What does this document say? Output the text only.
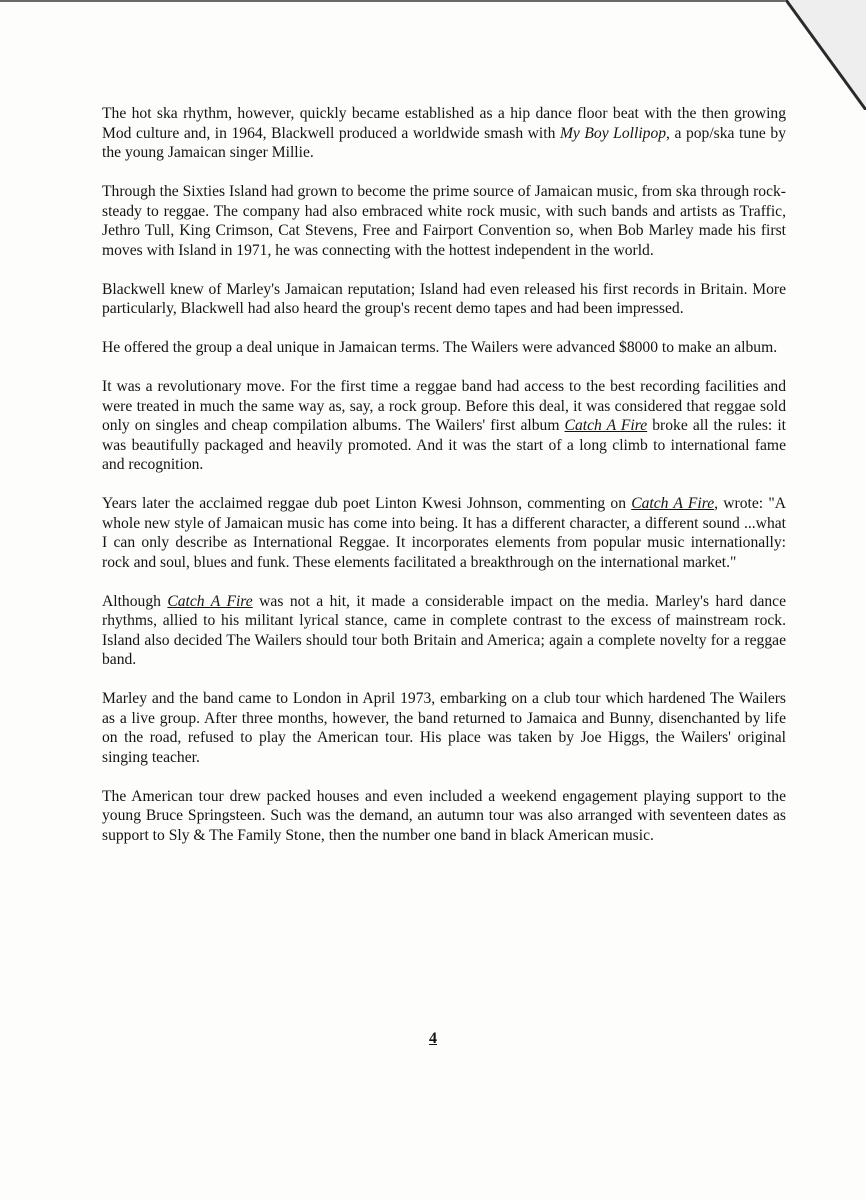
The hot ska rhythm, however, quickly became established as a hip dance floor beat with the then growing Mod culture and, in 1964, Blackwell produced a worldwide smash with My Boy Lollipop, a pop/ska tune by the young Jamaican singer Millie.

Through the Sixties Island had grown to become the prime source of Jamaican music, from ska through rock-steady to reggae. The company had also embraced white rock music, with such bands and artists as Traffic, Jethro Tull, King Crimson, Cat Stevens, Free and Fairport Convention so, when Bob Marley made his first moves with Island in 1971, he was connecting with the hottest independent in the world.

Blackwell knew of Marley's Jamaican reputation; Island had even released his first records in Britain. More particularly, Blackwell had also heard the group's recent demo tapes and had been impressed.

He offered the group a deal unique in Jamaican terms. The Wailers were advanced $8000 to make an album.

It was a revolutionary move. For the first time a reggae band had access to the best recording facilities and were treated in much the same way as, say, a rock group. Before this deal, it was considered that reggae sold only on singles and cheap compilation albums. The Wailers' first album Catch A Fire broke all the rules: it was beautifully packaged and heavily promoted. And it was the start of a long climb to international fame and recognition.

Years later the acclaimed reggae dub poet Linton Kwesi Johnson, commenting on Catch A Fire, wrote: "A whole new style of Jamaican music has come into being. It has a different character, a different sound ...what I can only describe as International Reggae. It incorporates elements from popular music internationally: rock and soul, blues and funk. These elements facilitated a breakthrough on the international market."

Although Catch A Fire was not a hit, it made a considerable impact on the media. Marley's hard dance rhythms, allied to his militant lyrical stance, came in complete contrast to the excess of mainstream rock. Island also decided The Wailers should tour both Britain and America; again a complete novelty for a reggae band.

Marley and the band came to London in April 1973, embarking on a club tour which hardened The Wailers as a live group. After three months, however, the band returned to Jamaica and Bunny, disenchanted by life on the road, refused to play the American tour. His place was taken by Joe Higgs, the Wailers' original singing teacher.

The American tour drew packed houses and even included a weekend engagement playing support to the young Bruce Springsteen. Such was the demand, an autumn tour was also arranged with seventeen dates as support to Sly & The Family Stone, then the number one band in black American music.

4
